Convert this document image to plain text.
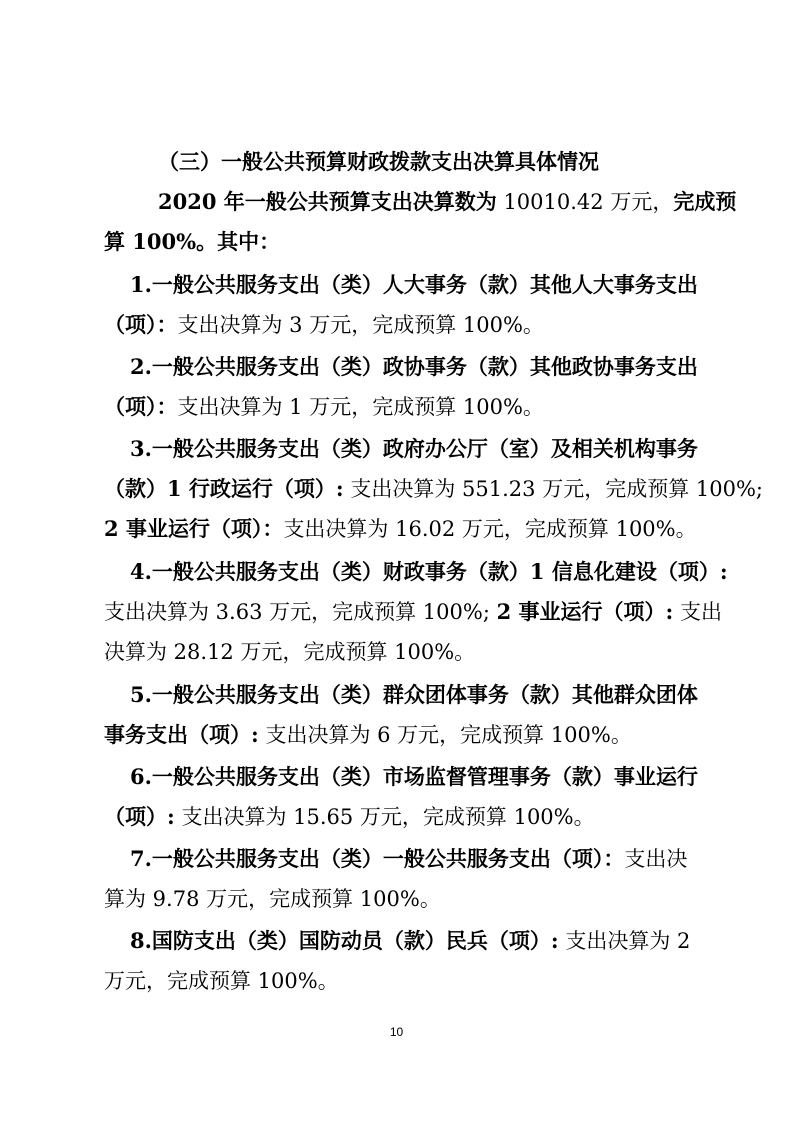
（三）一般公共预算财政拨款支出决算具体情况
2020 年一般公共预算支出决算数为 10010.42 万元，完成预
算 100%。其中：
1.一般公共服务支出（类）人大事务（款）其他人大事务支出
（项）：支出决算为 3 万元，完成预算 100%。
2.一般公共服务支出（类）政协事务（款）其他政协事务支出
（项）：支出决算为 1 万元，完成预算 100%。
3.一般公共服务支出（类）政府办公厅（室）及相关机构事务
（款）1 行政运行（项）: 支出决算为 551.23 万元，完成预算 100%;
2 事业运行（项）：支出决算为 16.02 万元，完成预算 100%。
4.一般公共服务支出（类）财政事务（款）1 信息化建设（项）:
支出决算为 3.63 万元，完成预算 100%; 2 事业运行（项）: 支出
决算为 28.12 万元，完成预算 100%。
5.一般公共服务支出（类）群众团体事务（款）其他群众团体
事务支出（项）: 支出决算为 6 万元，完成预算 100%。
6.一般公共服务支出（类）市场监督管理事务（款）事业运行
（项）: 支出决算为 15.65 万元，完成预算 100%。
7.一般公共服务支出（类）一般公共服务支出（项）：支出决
算为 9.78 万元，完成预算 100%。
8.国防支出（类）国防动员（款）民兵（项）: 支出决算为 2
万元，完成预算 100%。
10
